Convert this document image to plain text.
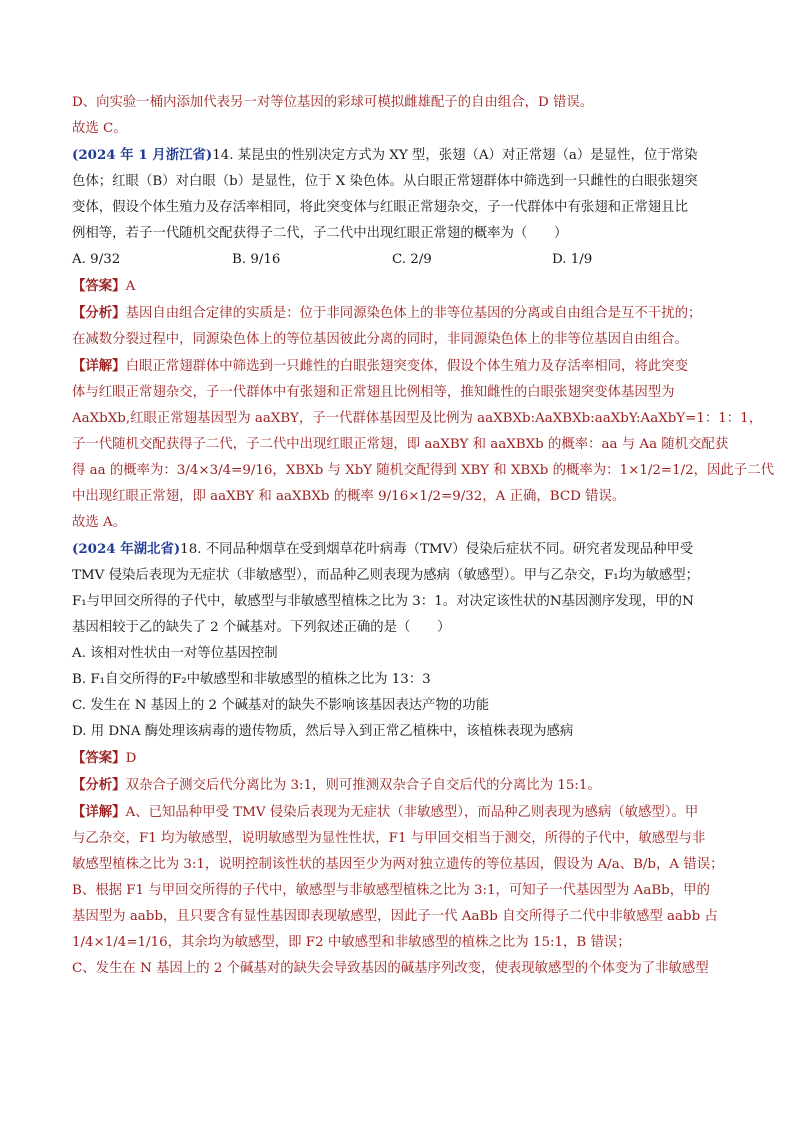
D、向实验一桶内添加代表另一对等位基因的彩球可模拟雌雄配子的自由组合，D 错误。
故选 C。
(2024 年 1 月浙江省)14. 某昆虫的性别决定方式为 XY 型，张翅（A）对正常翅（a）是显性，位于常染
色体；红眼（B）对白眼（b）是显性，位于 X 染色体。从白眼正常翅群体中筛选到一只雌性的白眼张翅突
变体，假设个体生殖力及存活率相同，将此突变体与红眼正常翅杂交，子一代群体中有张翅和正常翅且比
例相等，若子一代随机交配获得子二代，子二代中出现红眼正常翅的概率为（　　）
A. 9/32	B. 9/16	C. 2/9	D. 1/9
【答案】A
【分析】基因自由组合定律的实质是：位于非同源染色体上的非等位基因的分离或自由组合是互不干扰的；
在减数分裂过程中，同源染色体上的等位基因彼此分离的同时，非同源染色体上的非等位基因自由组合。
【详解】白眼正常翅群体中筛选到一只雌性的白眼张翅突变体，假设个体生殖力及存活率相同，将此突变
体与红眼正常翅杂交，子一代群体中有张翅和正常翅且比例相等，推知雌性的白眼张翅突变体基因型为
AaXbXb,红眼正常翅基因型为 aaXBY，子一代群体基因型及比例为 aaXBXb:AaXBXb:aaXbY:AaXbY=1：1：1，
子一代随机交配获得子二代，子二代中出现红眼正常翅，即 aaXBY 和 aaXBXb 的概率：aa 与 Aa 随机交配获
得 aa 的概率为：3/4×3/4=9/16，XBXb 与 XbY 随机交配得到 XBY 和 XBXb 的概率为：1×1/2=1/2，因此子二代
中出现红眼正常翅，即 aaXBY 和 aaXBXb 的概率 9/16×1/2=9/32，A 正确，BCD 错误。
故选 A。
(2024 年湖北省)18. 不同品种烟草在受到烟草花叶病毒（TMV）侵染后症状不同。研究者发现品种甲受
TMV 侵染后表现为无症状（非敏感型），而品种乙则表现为感病（敏感型）。甲与乙杂交，F₁均为敏感型；
F₁与甲回交所得的子代中，敏感型与非敏感型植株之比为 3：1。对决定该性状的N基因测序发现，甲的N
基因相较于乙的缺失了 2 个碱基对。下列叙述正确的是（　　）
A. 该相对性状由一对等位基因控制
B. F₁自交所得的F₂中敏感型和非敏感型的植株之比为 13：3
C. 发生在 N 基因上的 2 个碱基对的缺失不影响该基因表达产物的功能
D. 用 DNA 酶处理该病毒的遗传物质，然后导入到正常乙植株中，该植株表现为感病
【答案】D
【分析】双杂合子测交后代分离比为 3:1，则可推测双杂合子自交后代的分离比为 15:1。
【详解】A、已知品种甲受 TMV 侵染后表现为无症状（非敏感型），而品种乙则表现为感病（敏感型）。甲
与乙杂交，F1 均为敏感型，说明敏感型为显性性状，F1 与甲回交相当于测交，所得的子代中，敏感型与非
敏感型植株之比为 3:1，说明控制该性状的基因至少为两对独立遗传的等位基因，假设为 A/a、B/b，A 错误；
B、根据 F1 与甲回交所得的子代中，敏感型与非敏感型植株之比为 3:1，可知子一代基因型为 AaBb，甲的
基因型为 aabb，且只要含有显性基因即表现敏感型，因此子一代 AaBb 自交所得子二代中非敏感型 aabb 占
1/4×1/4=1/16，其余均为敏感型，即 F2 中敏感型和非敏感型的植株之比为 15:1，B 错误；
C、发生在 N 基因上的 2 个碱基对的缺失会导致基因的碱基序列改变，使表现敏感型的个体变为了非敏感型
